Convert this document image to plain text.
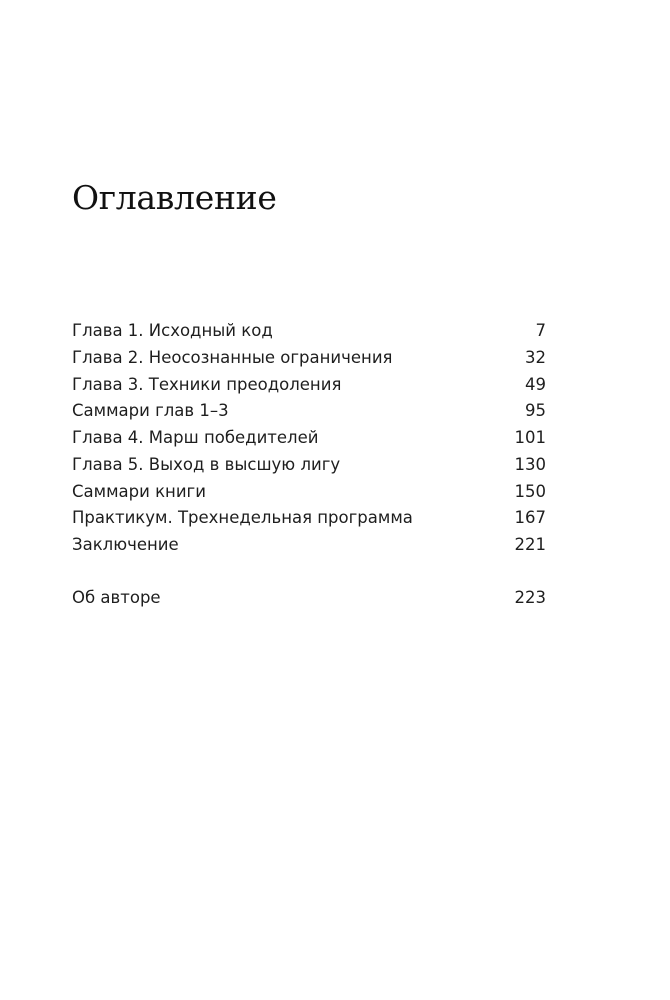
Оглавление
Глава 1. Исходный код	7
Глава 2. Неосознанные ограничения	32
Глава 3. Техники преодоления	49
Саммари глав 1–3	95
Глава 4. Марш победителей	101
Глава 5. Выход в высшую лигу	130
Саммари книги	150
Практикум. Трехнедельная программа	167
Заключение	221
Об авторе	223
